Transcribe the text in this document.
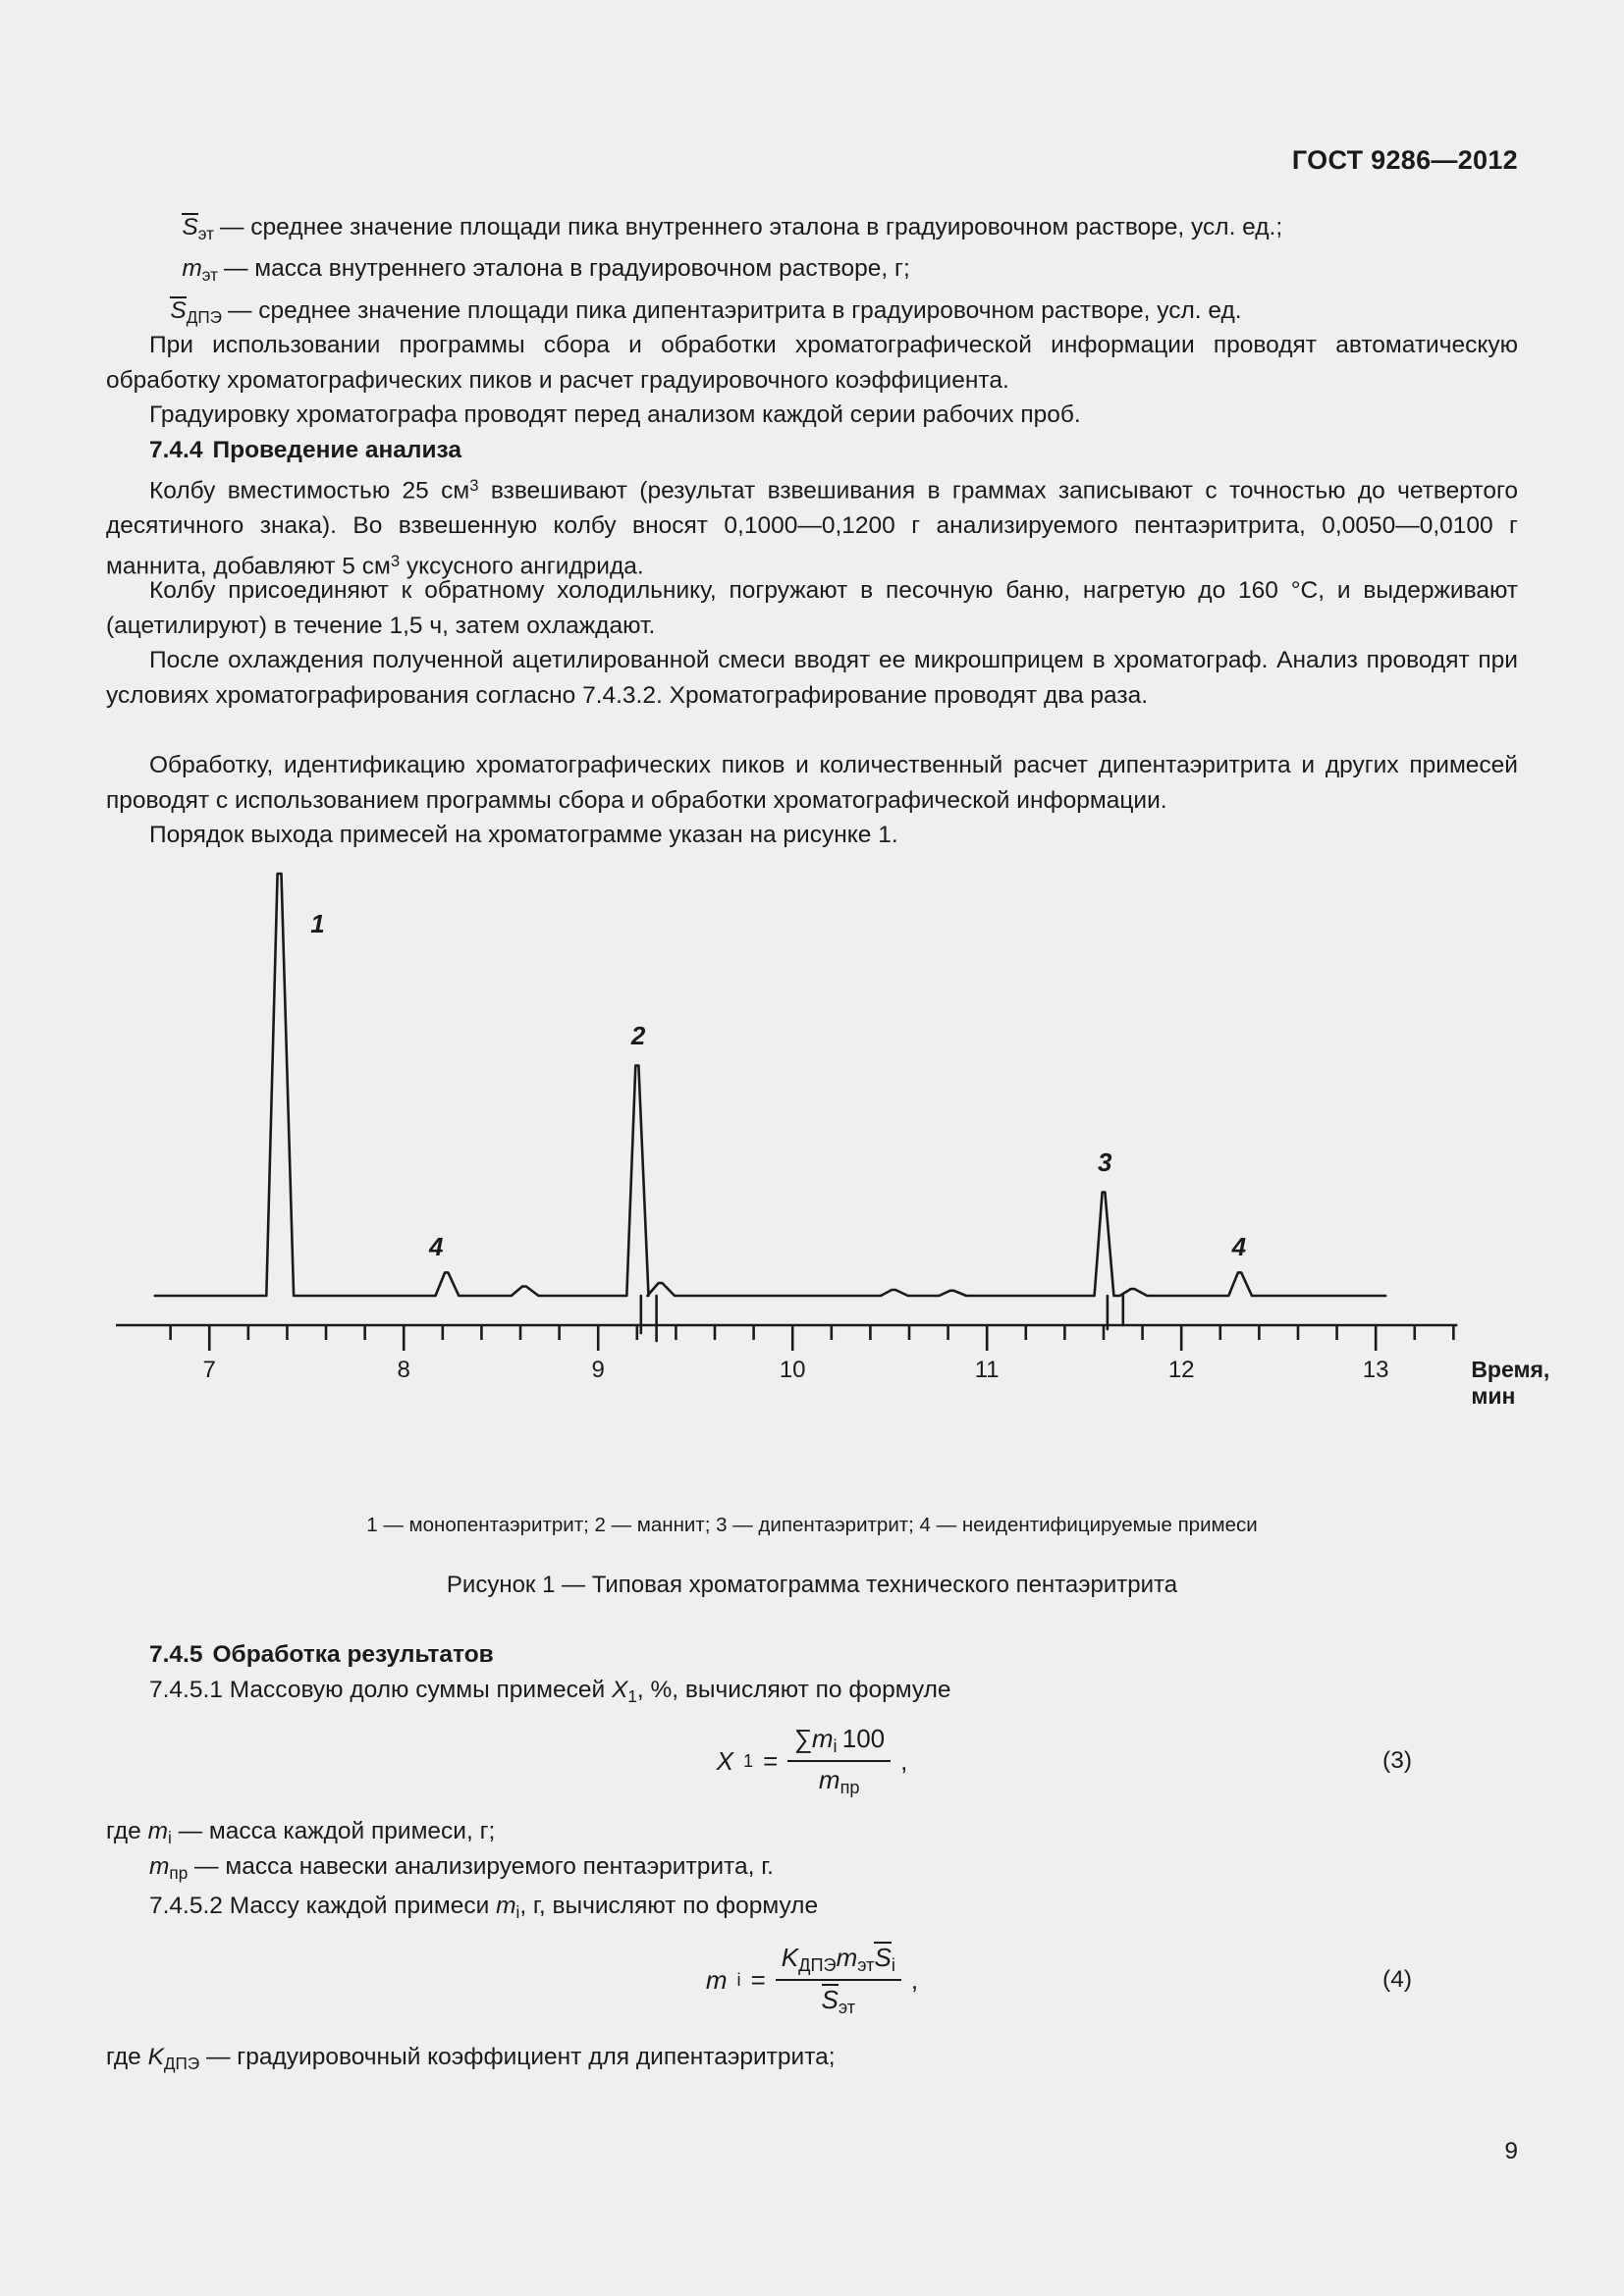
ГОСТ 9286—2012
$S_{эт}$ — среднее значение площади пика внутреннего эталона в градуировочном растворе, усл. ед.;
$m_{эт}$ — масса внутреннего эталона в градуировочном растворе, г;
$S_{ДПЭ}$ — среднее значение площади пика дипентаэритрита в градуировочном растворе, усл. ед.

При использовании программы сбора и обработки хроматографической информации проводят автоматическую обработку хроматографических пиков и расчет градуировочного коэффициента.

Градуировку хроматографа проводят перед анализом каждой серии рабочих проб.

7.4.4 Проведение анализа

Колбу вместимостью 25 $см^3$ взвешивают (результат взвешивания в граммах записывают с точностью до четвертого десятичного знака). Во взвешенную колбу вносят 0,1000—0,1200 г анализируемого пентаэритрита, 0,0050—0,0100 г маннита, добавляют 5 $см^3$ уксусного ангидрида.

Колбу присоединяют к обратному холодильнику, погружают в песочную баню, нагретую до 160 °C, и выдерживают (ацетилируют) в течение 1,5 ч, затем охлаждают.

После охлаждения полученной ацетилированной смеси вводят ее микрошприцем в хроматограф. Анализ проводят при условиях хроматографирования согласно 7.4.3.2. Хроматографирование проводят два раза.

Обработку, идентификацию хроматографических пиков и количественный расчет дипентаэритрита и других примесей проводят с использованием программы сбора и обработки хроматографической информации.

Порядок выхода примесей на хроматограмме указан на рисунке 1.

1
4
2
3
4
7	8	9	10	11	12	13	Время, мин
1 — монопентаэритрит; 2 — маннит; 3 — дипентаэритрит; 4 — неидентифицируемые примеси
Рисунок 1 — Типовая хроматограмма технического пентаэритрита

7.4.5 Обработка результатов

7.4.5.1 Массовую долю суммы примесей $X_1$, %, вычисляют по формуле

X $1 = \frac{\sum m_i 100}{m_{пр}}$ ,	(3)

где $m_i$ — масса каждой примеси, г;

$m_{пр}$ — масса навески анализируемого пентаэритрита, г.

7.4.5.2 Массу каждой примеси $m_i$, г, вычисляют по формуле

m $i = \frac{K_{ДПЭ}m_{эт}S_i}{S_{эт}}$ ,	(4)

где $K_{ДПЭ}$ — градуировочный коэффициент для дипентаэритрита;

9
